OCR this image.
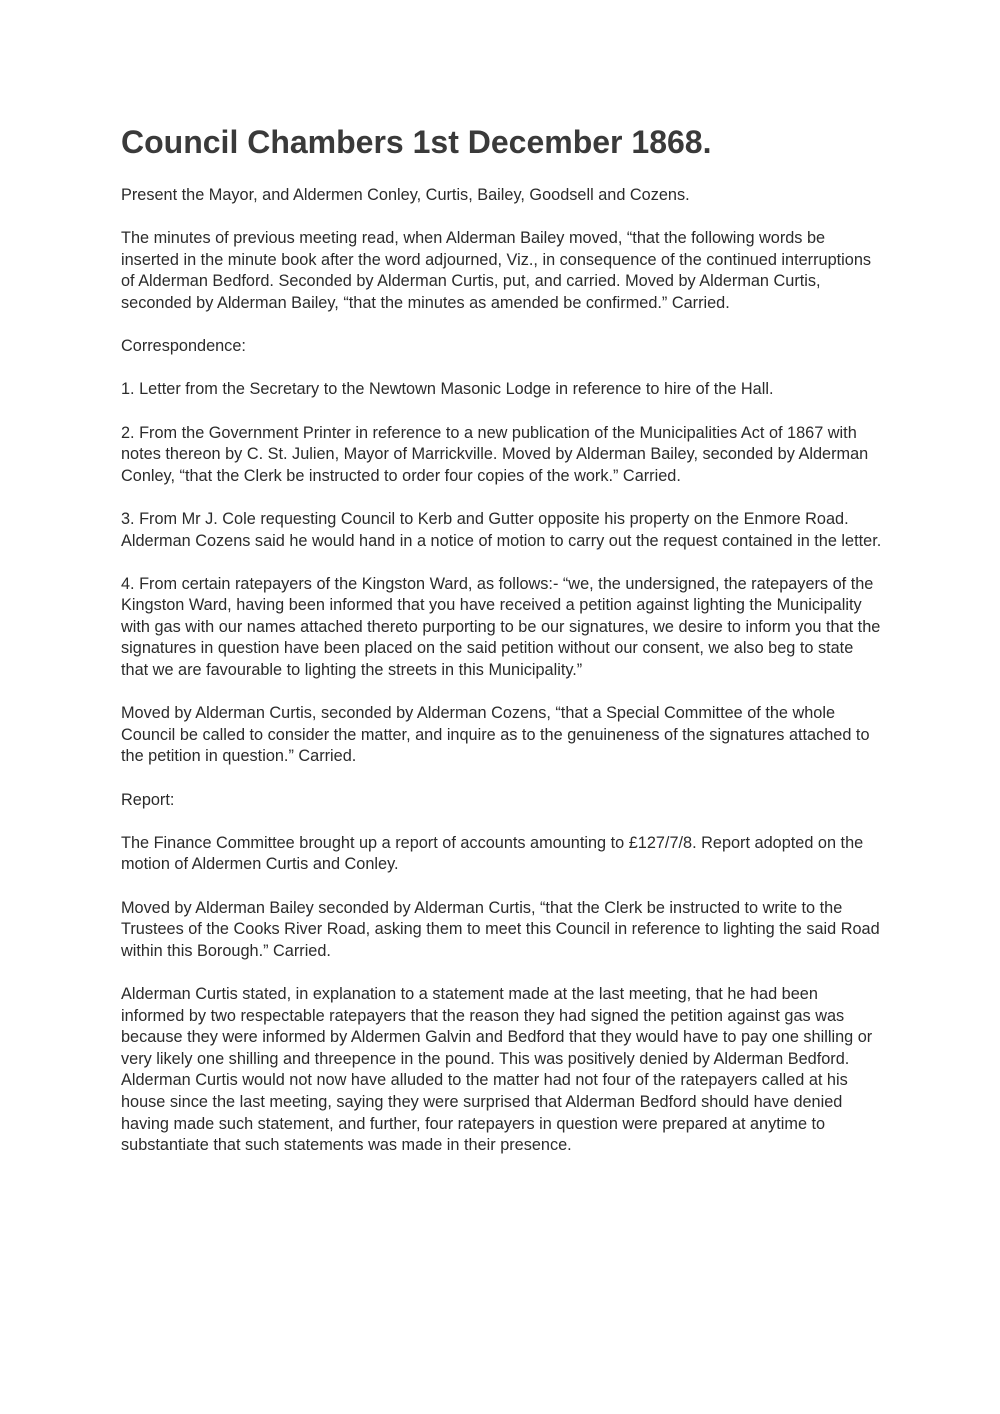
Council Chambers 1st December 1868.

Present the Mayor, and Aldermen Conley, Curtis, Bailey, Goodsell and Cozens.

The minutes of previous meeting read, when Alderman Bailey moved, “that the following words be inserted in the minute book after the word adjourned, Viz., in consequence of the continued interruptions of Alderman Bedford. Seconded by Alderman Curtis, put, and carried. Moved by Alderman Curtis, seconded by Alderman Bailey, “that the minutes as amended be confirmed.” Carried.

Correspondence:

1. Letter from the Secretary to the Newtown Masonic Lodge in reference to hire of the Hall.

2. From the Government Printer in reference to a new publication of the Municipalities Act of 1867 with notes thereon by C. St. Julien, Mayor of Marrickville. Moved by Alderman Bailey, seconded by Alderman Conley, “that the Clerk be instructed to order four copies of the work.” Carried.

3. From Mr J. Cole requesting Council to Kerb and Gutter opposite his property on the Enmore Road. Alderman Cozens said he would hand in a notice of motion to carry out the request contained in the letter.

4. From certain ratepayers of the Kingston Ward, as follows:- “we, the undersigned, the ratepayers of the Kingston Ward, having been informed that you have received a petition against lighting the Municipality with gas with our names attached thereto purporting to be our signatures, we desire to inform you that the signatures in question have been placed on the said petition without our consent, we also beg to state that we are favourable to lighting the streets in this Municipality.”

Moved by Alderman Curtis, seconded by Alderman Cozens, “that a Special Committee of the whole Council be called to consider the matter, and inquire as to the genuineness of the signatures attached to the petition in question.” Carried.

Report:

The Finance Committee brought up a report of accounts amounting to £127/7/8. Report adopted on the motion of Aldermen Curtis and Conley.

Moved by Alderman Bailey seconded by Alderman Curtis, “that the Clerk be instructed to write to the Trustees of the Cooks River Road, asking them to meet this Council in reference to lighting the said Road within this Borough.” Carried.

Alderman Curtis stated, in explanation to a statement made at the last meeting, that he had been informed by two respectable ratepayers that the reason they had signed the petition against gas was because they were informed by Aldermen Galvin and Bedford that they would have to pay one shilling or very likely one shilling and threepence in the pound. This was positively denied by Alderman Bedford. Alderman Curtis would not now have alluded to the matter had not four of the ratepayers called at his house since the last meeting, saying they were surprised that Alderman Bedford should have denied having made such statement, and further, four ratepayers in question were prepared at anytime to substantiate that such statements was made in their presence.
